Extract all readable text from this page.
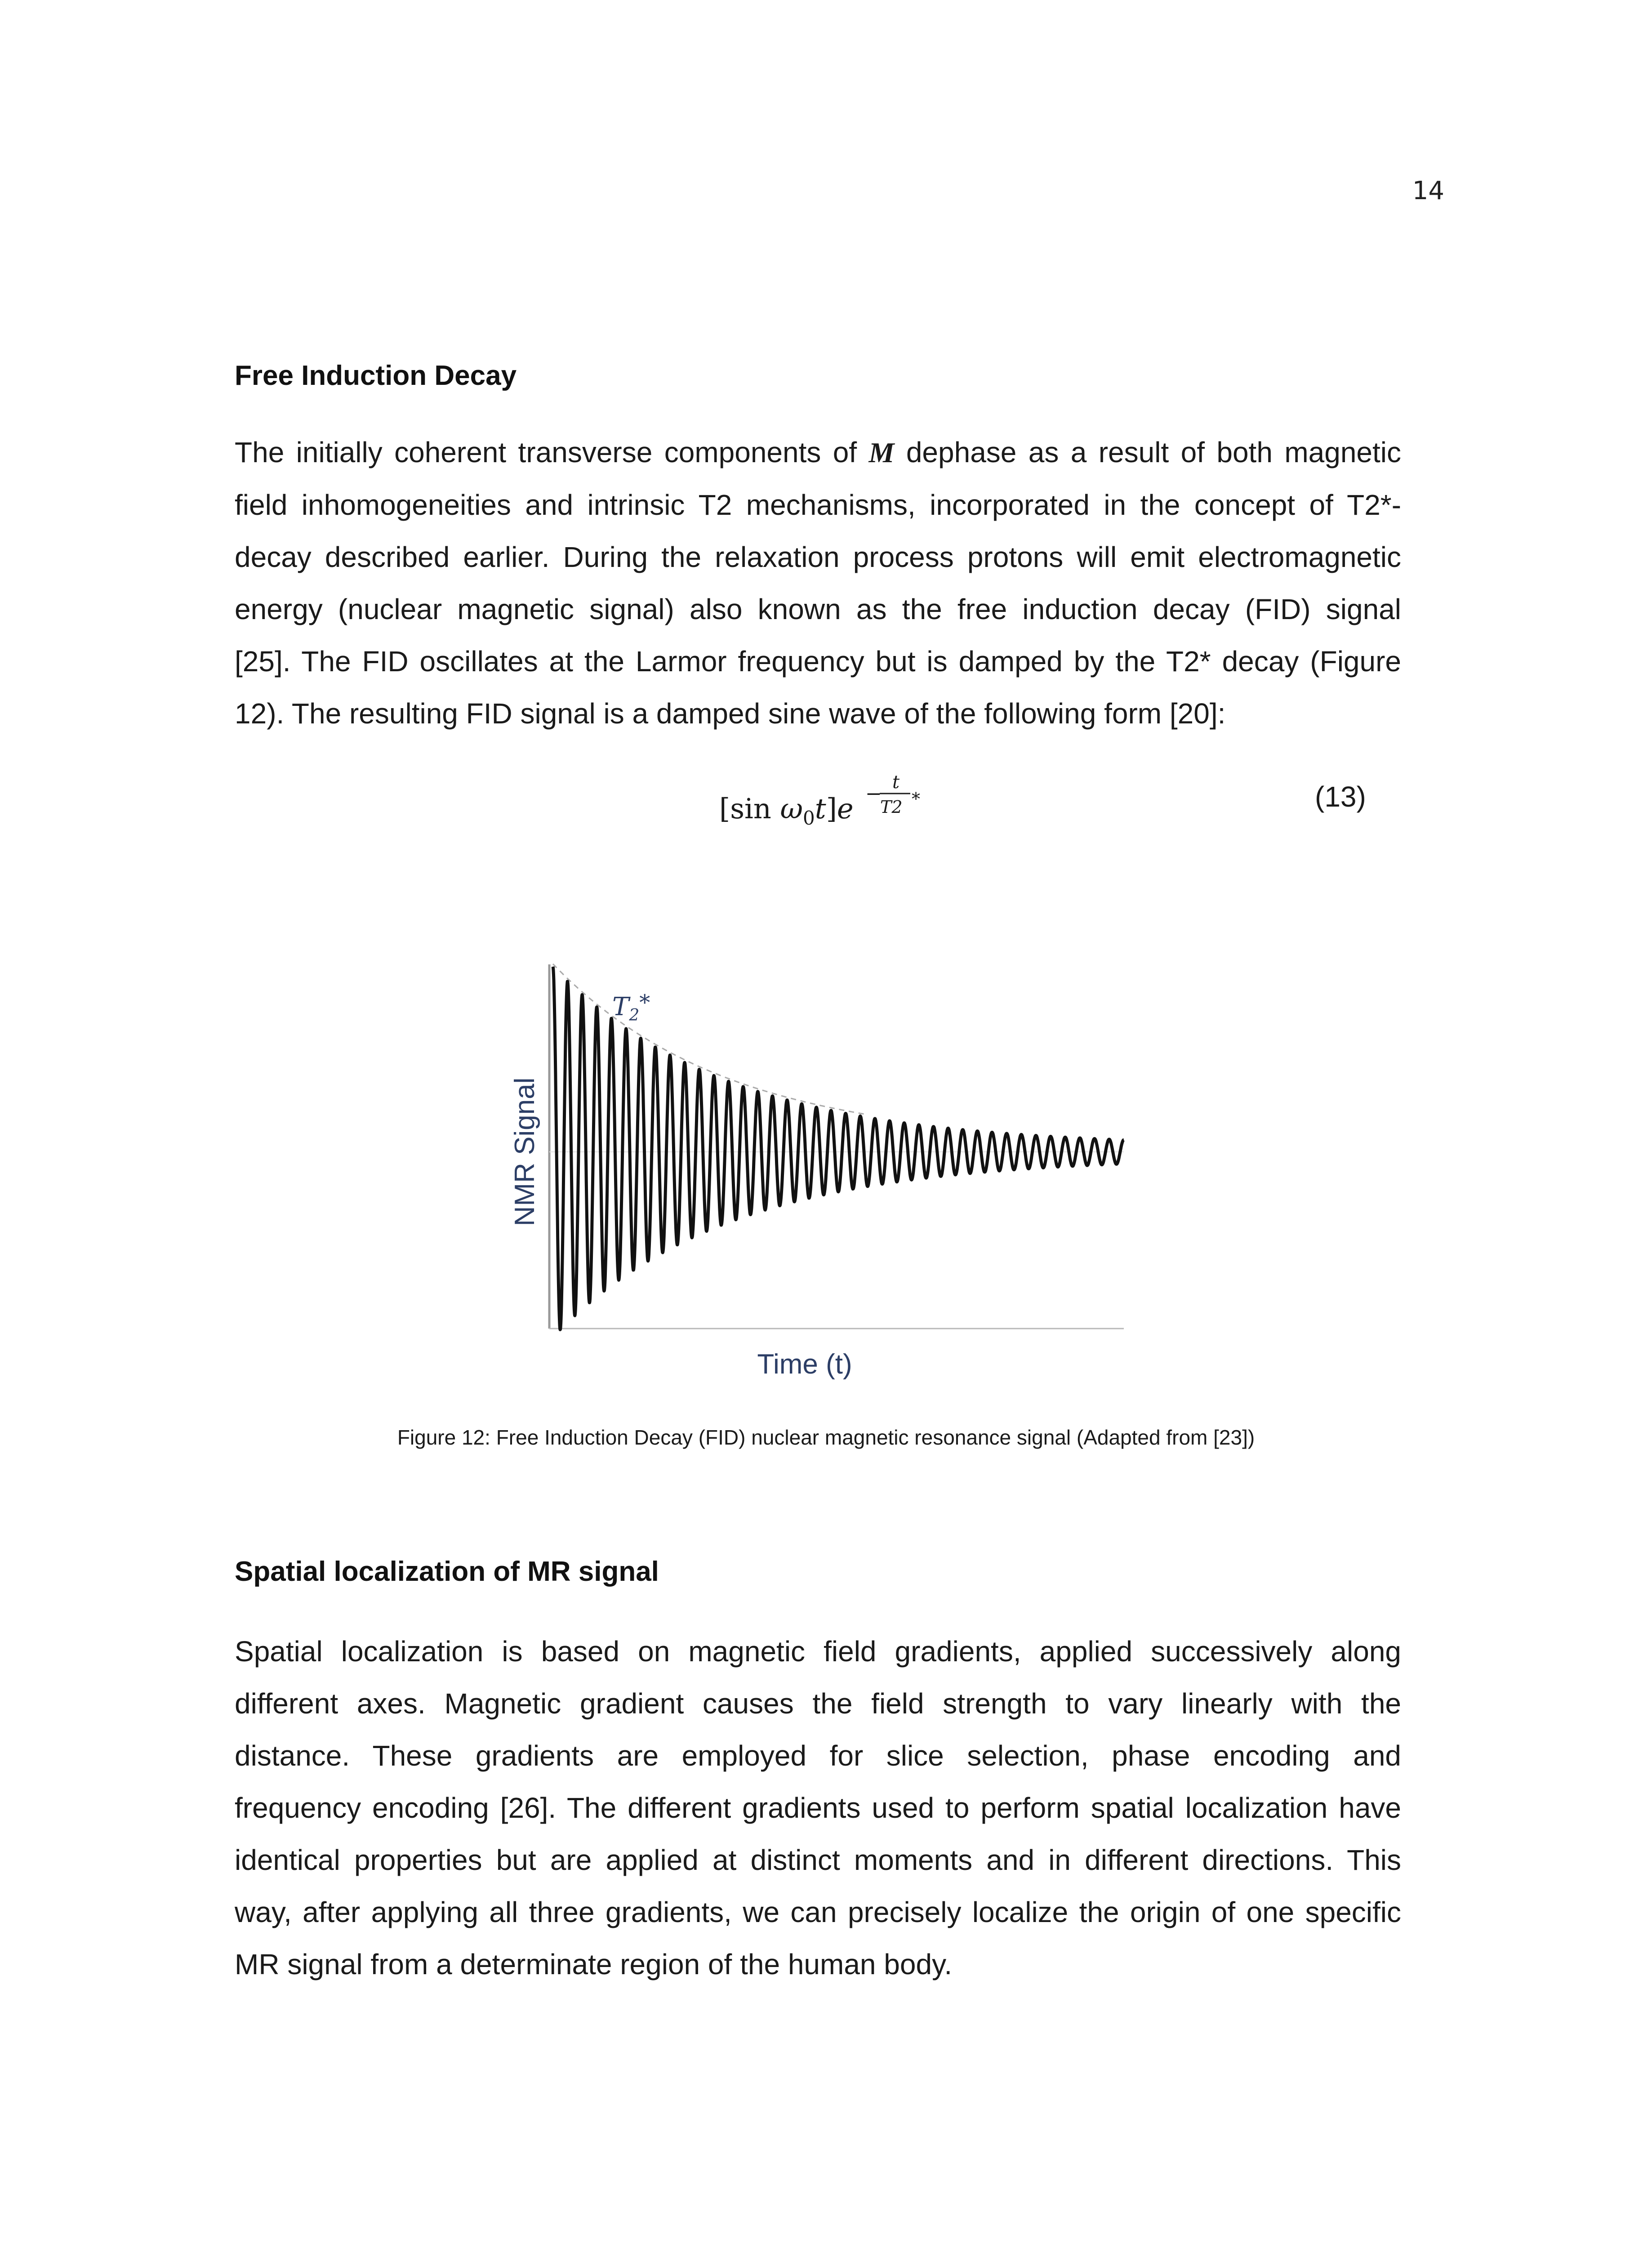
14
Free Induction Decay
The initially coherent transverse components of M dephase as a result of both magnetic
field inhomogeneities and intrinsic T2 mechanisms, incorporated in the concept of T2*-
decay described earlier. During the relaxation process protons will emit electromagnetic
energy (nuclear magnetic signal) also known as the free induction decay (FID) signal
[25]. The FID oscillates at the Larmor frequency but is damped by the T2* decay (Figure
12). The resulting FID signal is a damped sine wave of the following form [20]:
[sin $\omega_0t]e - t$
T2 *	(13)
$T_2*$
NMR Signal
Time (t)
Figure 12: Free Induction Decay (FID) nuclear magnetic resonance signal (Adapted from [23])
Spatial localization of MR signal
Spatial localization is based on magnetic field gradients, applied successively along
different axes. Magnetic gradient causes the field strength to vary linearly with the
distance. These gradients are employed for slice selection, phase encoding and
frequency encoding [26]. The different gradients used to perform spatial localization have
identical properties but are applied at distinct moments and in different directions. This
way, after applying all three gradients, we can precisely localize the origin of one specific
MR signal from a determinate region of the human body.
